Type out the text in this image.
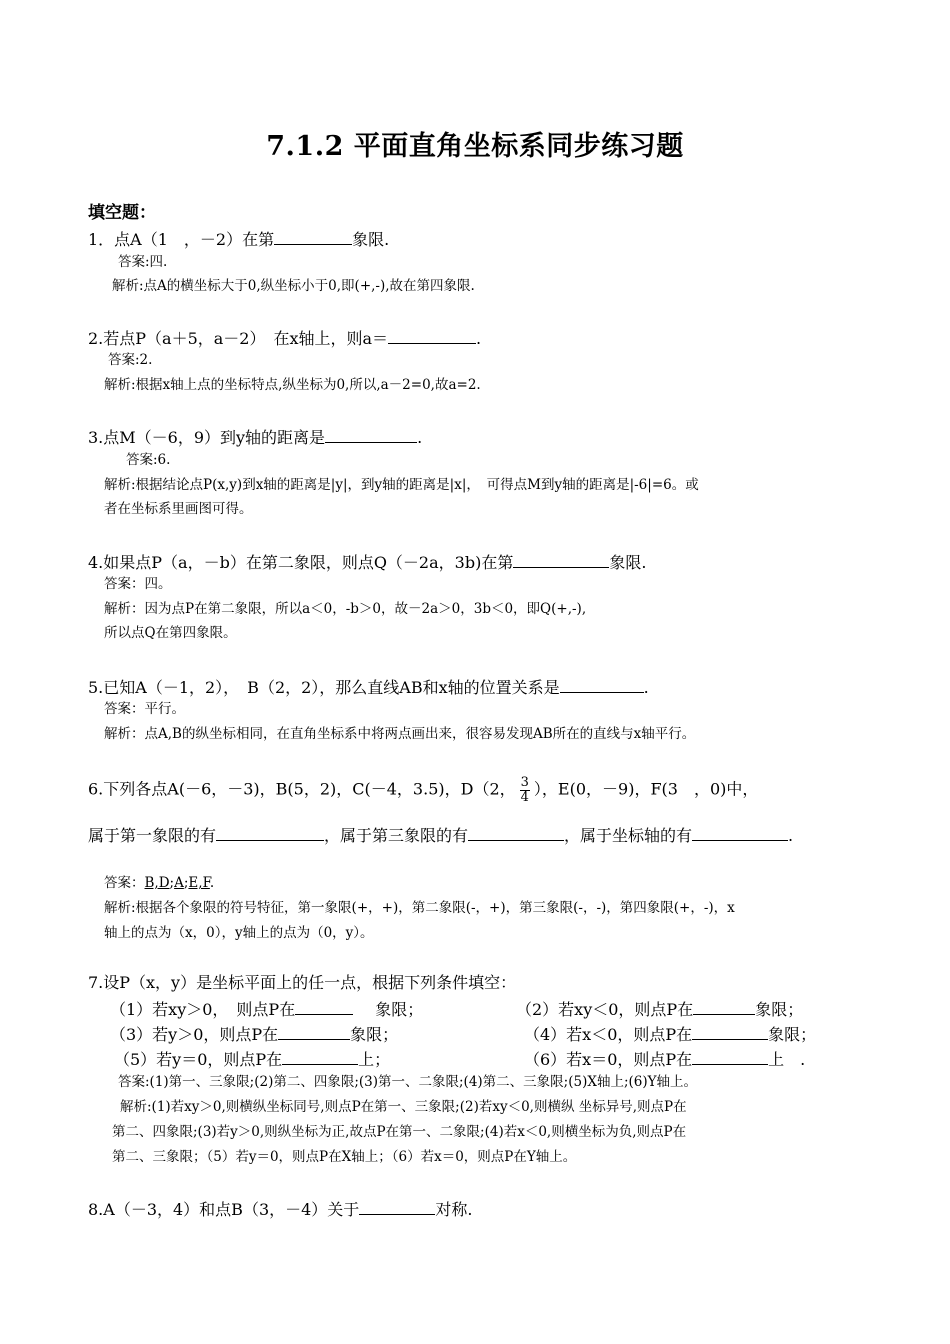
7.1.2 平面直角坐标系同步练习题
填空题：
1．点A（1　，－2）在第	象限.
答案:四.
解析:点A的横坐标大于0,纵坐标小于0,即(+,-),故在第四象限.
2.若点P（a＋5，a－2）　在x轴上，则a＝	.
答案:2.
解析:根据x轴上点的坐标特点,纵坐标为0,所以,a－2=0,故a=2.
3.点M（－6，9）到y轴的距离是	.
答案:6.
解析:根据结论点P(x,y)到x轴的距离是|y|，到y轴的距离是|x|，　可得点M到y轴的距离是|-6|=6。或
者在坐标系里画图可得。
4.如果点P（a，－b）在第二象限，则点Q（－2a，3b)在第	象限.
答案：四。
解析：因为点P在第二象限，所以a＜0，-b＞0，故－2a＞0，3b＜0，即Q(+,-),
所以点Q在第四象限。
5.已知A（－1，2），　B（2，2），那么直线AB和x轴的位置关系是	.
答案：平行。
解析：点A,B的纵坐标相同，在直角坐标系中将两点画出来，很容易发现AB所在的直线与x轴平行。
6.下列各点A(－6，－3)，B(5，2)，C(－4，3.5)，D（2， $\frac{3}{4}$ ），E(0，－9)，F(3　，0)中，
属于第一象限的有	，属于第三象限的有	，属于坐标轴的有	.
答案：B,D;A;E,F.
解析:根据各个象限的符号特征，第一象限(+，+)，第二象限(-，+)，第三象限(-，-)，第四象限(+，-)，x
轴上的点为（x，0），y轴上的点为（0，y）。
7.设P（x，y）是坐标平面上的任一点，根据下列条件填空：
（1）若xy＞0，　则点P在	象限；	（2）若xy＜0，则点P在	象限；
（3）若y＞0，则点P在	象限；	（4）若x＜0，则点P在	象限；
（5）若y＝0，则点P在	上；	（6）若x＝0，则点P在	上　.
答案:(1)第一、三象限;(2)第二、四象限;(3)第一、二象限;(4)第二、三象限;(5)X轴上;(6)Y轴上。
解析:(1)若xy＞0,则横纵坐标同号,则点P在第一、三象限;(2)若xy＜0,则横纵 坐标异号,则点P在
第二、四象限;(3)若y＞0,则纵坐标为正,故点P在第一、二象限;(4)若x＜0,则横坐标为负,则点P在
第二、三象限；（5）若y＝0，则点P在X轴上；（6）若x＝0，则点P在Y轴上。
8.A（－3，4）和点B（3，－4）关于	对称.
